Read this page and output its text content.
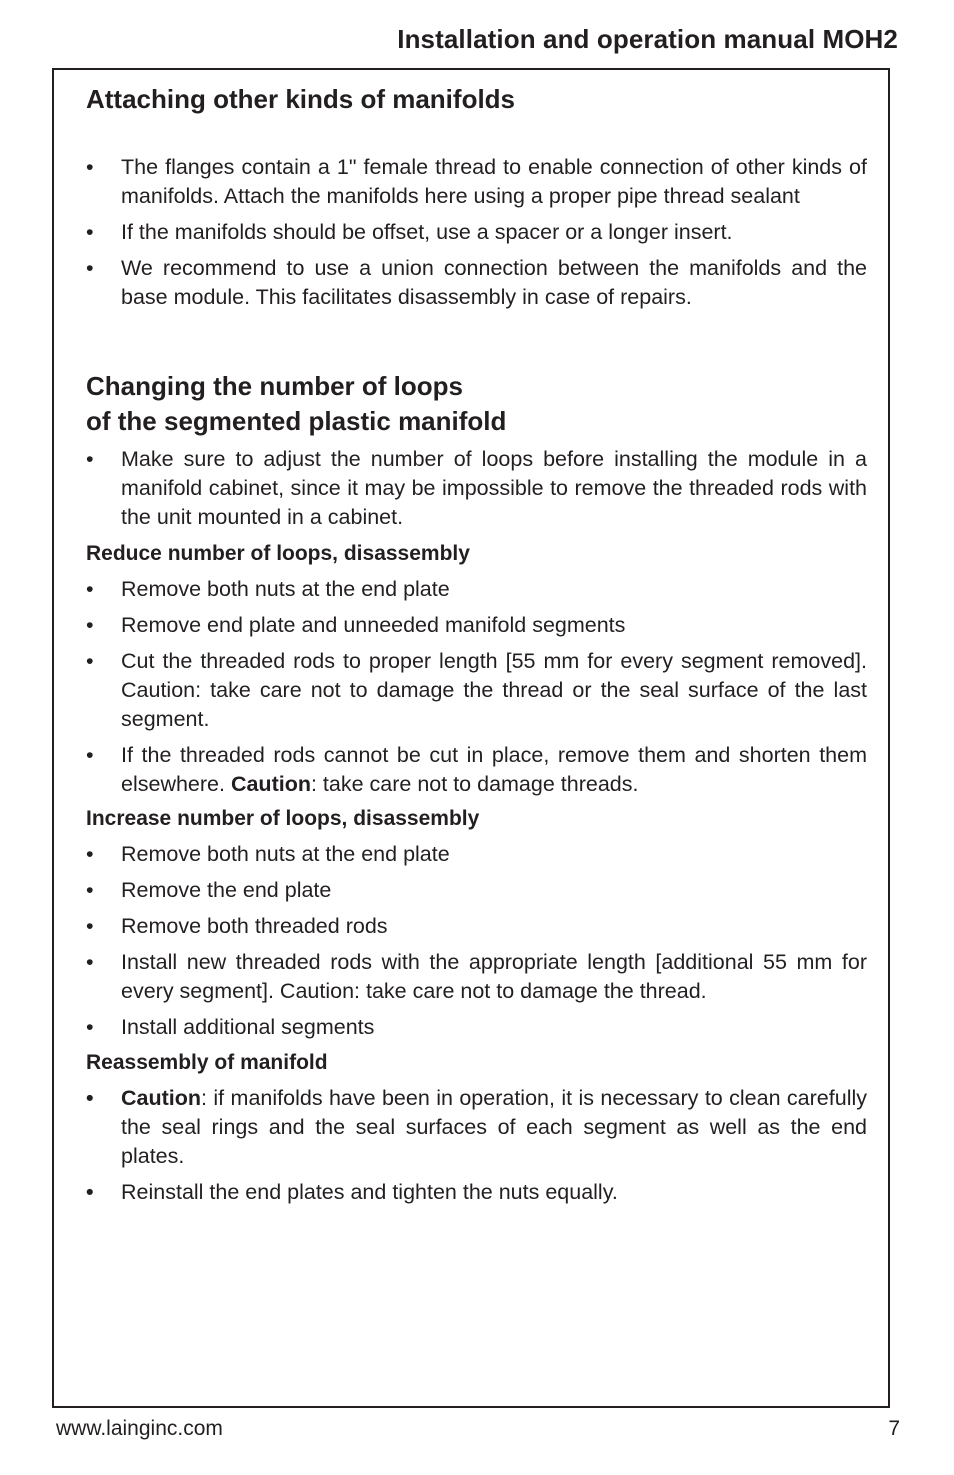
Installation and operation manual MOH2
Attaching other kinds of manifolds
•	The flanges contain a 1" female thread to enable connection of other kinds of manifolds. Attach the manifolds here using a proper pipe thread sealant
•	If the manifolds should be offset, use a spacer or a longer insert.
•	We recommend to use a union connection between the manifolds and the base module. This facilitates disassembly in case of repairs.
Changing the number of loops
of the segmented plastic manifold
•	Make sure to adjust the number of loops before installing the module in a manifold cabinet, since it may be impossible to remove the threaded rods with the unit mounted in a cabinet.
Reduce number of loops, disassembly
•	Remove both nuts at the end plate
•	Remove end plate and unneeded manifold segments
•	Cut the threaded rods to proper length [55 mm for every segment removed]. Caution: take care not to damage the thread or the seal surface of the last segment.
•	If the threaded rods cannot be cut in place, remove them and shorten them elsewhere. Caution: take care not to damage threads.
Increase number of loops, disassembly
•	Remove both nuts at the end plate
•	Remove the end plate
•	Remove both threaded rods
•	Install new threaded rods with the appropriate length [additional 55 mm for every segment]. Caution: take care not to damage the thread.
•	Install additional segments
Reassembly of manifold
•	Caution: if manifolds have been in operation, it is necessary to clean carefully the seal rings and the seal surfaces of each segment as well as the end plates.
•	Reinstall the end plates and tighten the nuts equally.
www.lainginc.com	7
